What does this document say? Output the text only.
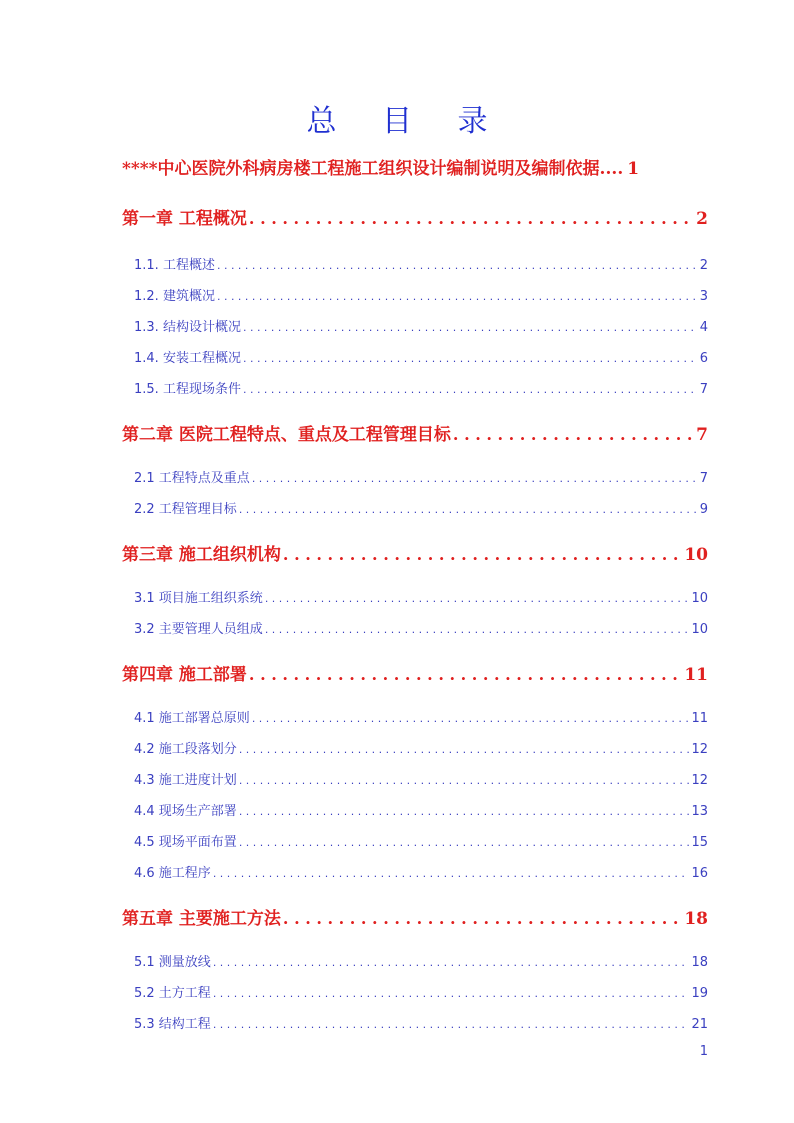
总 目 录
****中心医院外科病房楼工程施工组织设计编制说明及编制依据.... 1
第一章 工程概况 . . .	2
1.1. 工程概述 . . .	2
1.2. 建筑概况 . . .	3
1.3. 结构设计概况 . . .	4
1.4. 安装工程概况 . . .	6
1.5. 工程现场条件 . . .	7
第二章 医院工程特点、重点及工程管理目标 . . .	7
2.1 工程特点及重点 . . .	7
2.2 工程管理目标 . . .	9
第三章 施工组织机构 . . .	10
3.1 项目施工组织系统 . . .	10
3.2 主要管理人员组成 . . .	10
第四章 施工部署 . . .	11
4.1 施工部署总原则 . . .	11
4.2 施工段落划分 . . .	12
4.3 施工进度计划 . . .	12
4.4 现场生产部署 . . .	13
4.5 现场平面布置 . . .	15
4.6 施工程序 . . .	16
第五章 主要施工方法 . . .	18
5.1 测量放线 . . .	18
5.2 土方工程 . . .	19
5.3 结构工程 . . .	21
1
